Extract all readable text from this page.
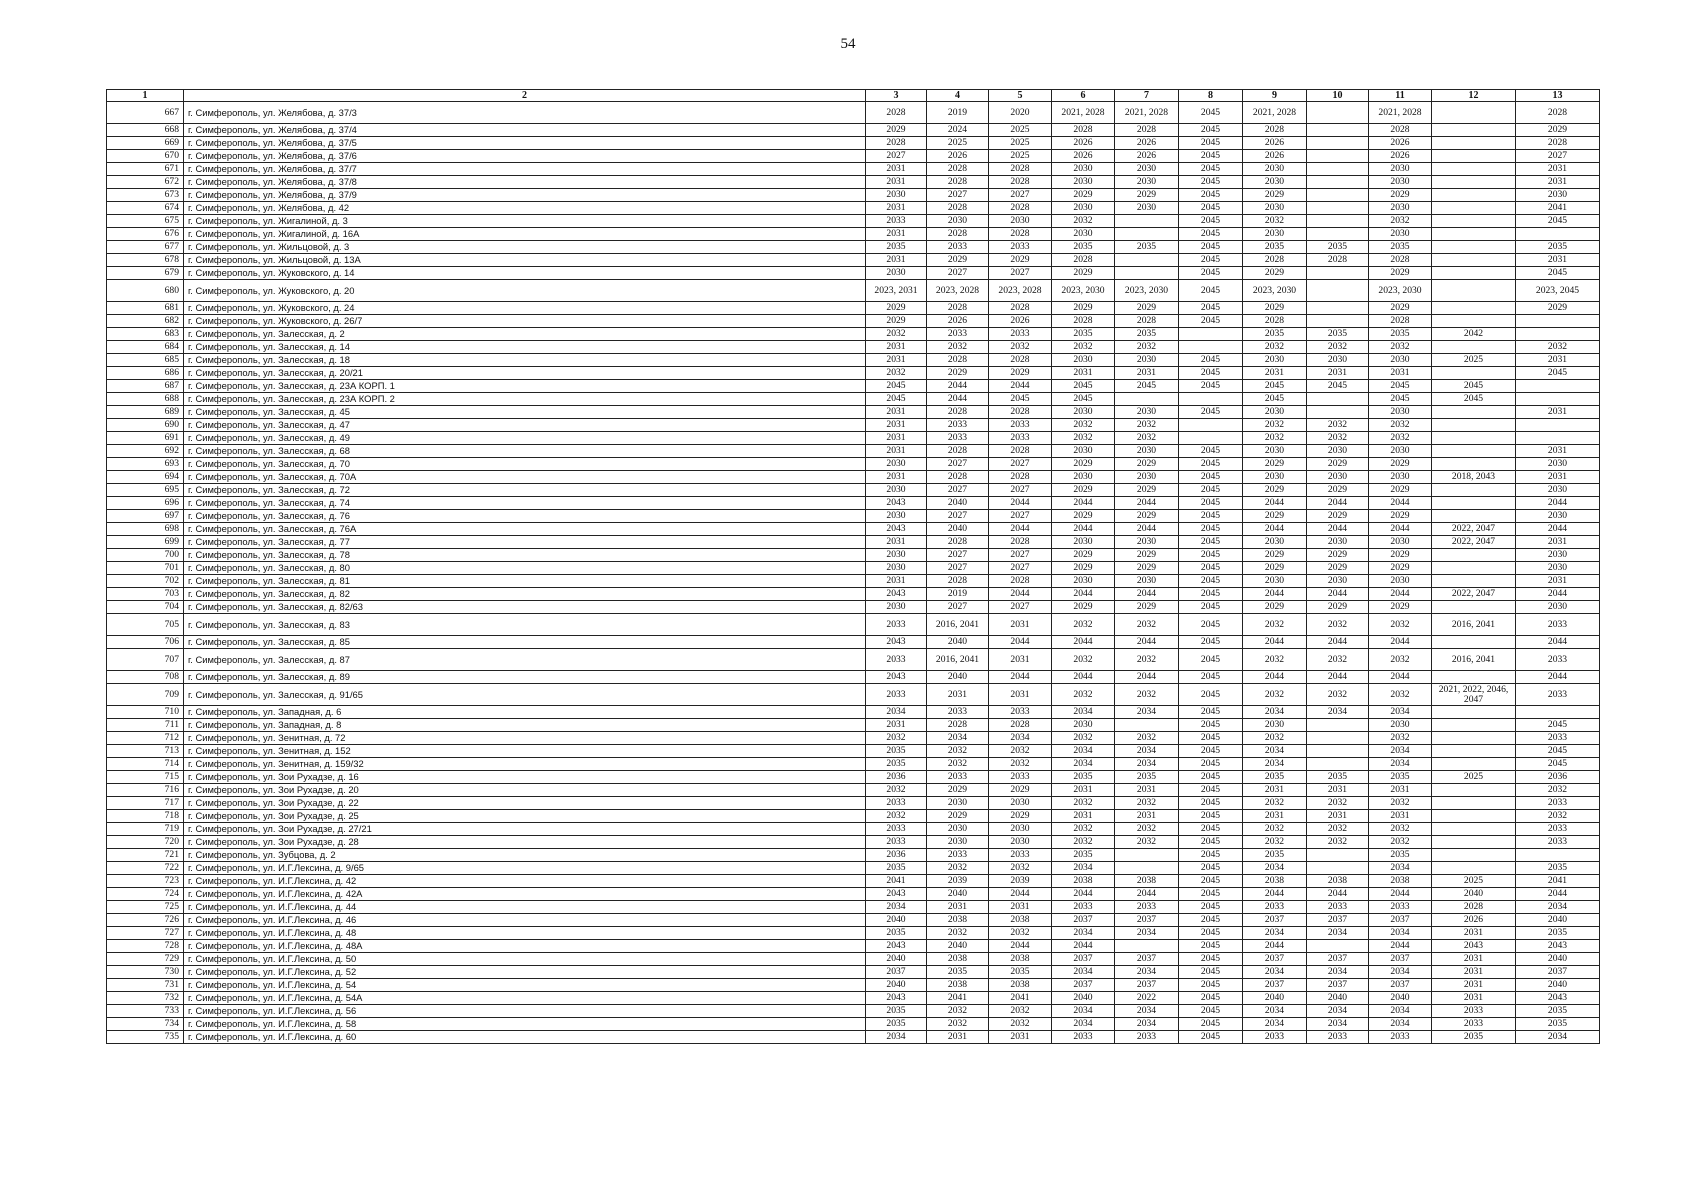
54
1	2	3	4	5	6	7	8	9	10	11	12	13
667	г. Симферополь, ул. Желябова, д. 37/3	2028	2019	2020	2021, 2028	2021, 2028	2045	2021, 2028		2021, 2028		2028
668	г. Симферополь, ул. Желябова, д. 37/4	2029	2024	2025	2028	2028	2045	2028		2028		2029
669	г. Симферополь, ул. Желябова, д. 37/5	2028	2025	2025	2026	2026	2045	2026		2026		2028
670	г. Симферополь, ул. Желябова, д. 37/6	2027	2026	2025	2026	2026	2045	2026		2026		2027
671	г. Симферополь, ул. Желябова, д. 37/7	2031	2028	2028	2030	2030	2045	2030		2030		2031
672	г. Симферополь, ул. Желябова, д. 37/8	2031	2028	2028	2030	2030	2045	2030		2030		2031
673	г. Симферополь, ул. Желябова, д. 37/9	2030	2027	2027	2029	2029	2045	2029		2029		2030
674	г. Симферополь, ул. Желябова, д. 42	2031	2028	2028	2030	2030	2045	2030		2030		2041
675	г. Симферополь, ул. Жигалиной, д. 3	2033	2030	2030	2032		2045	2032		2032		2045
676	г. Симферополь, ул. Жигалиной, д. 16А	2031	2028	2028	2030		2045	2030		2030		
677	г. Симферополь, ул. Жильцовой, д. 3	2035	2033	2033	2035	2035	2045	2035	2035	2035		2035
678	г. Симферополь, ул. Жильцовой, д. 13А	2031	2029	2029	2028		2045	2028	2028	2028		2031
679	г. Симферополь, ул. Жуковского, д. 14	2030	2027	2027	2029		2045	2029		2029		2045
680	г. Симферополь, ул. Жуковского, д. 20	2023, 2031	2023, 2028	2023, 2028	2023, 2030	2023, 2030	2045	2023, 2030		2023, 2030		2023, 2045
681	г. Симферополь, ул. Жуковского, д. 24	2029	2028	2028	2029	2029	2045	2029		2029		2029
682	г. Симферополь, ул. Жуковского, д. 26/7	2029	2026	2026	2028	2028	2045	2028		2028		
683	г. Симферополь, ул. Залесская, д. 2	2032	2033	2033	2035	2035		2035	2035	2035	2042	
684	г. Симферополь, ул. Залесская, д. 14	2031	2032	2032	2032	2032		2032	2032	2032		2032
685	г. Симферополь, ул. Залесская, д. 18	2031	2028	2028	2030	2030	2045	2030	2030	2030	2025	2031
686	г. Симферополь, ул. Залесская, д. 20/21	2032	2029	2029	2031	2031	2045	2031	2031	2031		2045
687	г. Симферополь, ул. Залесская, д. 23А КОРП. 1	2045	2044	2044	2045	2045	2045	2045	2045	2045	2045	
688	г. Симферополь, ул. Залесская, д. 23А КОРП. 2	2045	2044	2045	2045			2045		2045	2045	
689	г. Симферополь, ул. Залесская, д. 45	2031	2028	2028	2030	2030	2045	2030		2030		2031
690	г. Симферополь, ул. Залесская, д. 47	2031	2033	2033	2032	2032		2032	2032	2032		
691	г. Симферополь, ул. Залесская, д. 49	2031	2033	2033	2032	2032		2032	2032	2032		
692	г. Симферополь, ул. Залесская, д. 68	2031	2028	2028	2030	2030	2045	2030	2030	2030		2031
693	г. Симферополь, ул. Залесская, д. 70	2030	2027	2027	2029	2029	2045	2029	2029	2029		2030
694	г. Симферополь, ул. Залесская, д. 70А	2031	2028	2028	2030	2030	2045	2030	2030	2030	2018, 2043	2031
695	г. Симферополь, ул. Залесская, д. 72	2030	2027	2027	2029	2029	2045	2029	2029	2029		2030
696	г. Симферополь, ул. Залесская, д. 74	2043	2040	2044	2044	2044	2045	2044	2044	2044		2044
697	г. Симферополь, ул. Залесская, д. 76	2030	2027	2027	2029	2029	2045	2029	2029	2029		2030
698	г. Симферополь, ул. Залесская, д. 76А	2043	2040	2044	2044	2044	2045	2044	2044	2044	2022, 2047	2044
699	г. Симферополь, ул. Залесская, д. 77	2031	2028	2028	2030	2030	2045	2030	2030	2030	2022, 2047	2031
700	г. Симферополь, ул. Залесская, д. 78	2030	2027	2027	2029	2029	2045	2029	2029	2029		2030
701	г. Симферополь, ул. Залесская, д. 80	2030	2027	2027	2029	2029	2045	2029	2029	2029		2030
702	г. Симферополь, ул. Залесская, д. 81	2031	2028	2028	2030	2030	2045	2030	2030	2030		2031
703	г. Симферополь, ул. Залесская, д. 82	2043	2019	2044	2044	2044	2045	2044	2044	2044	2022, 2047	2044
704	г. Симферополь, ул. Залесская, д. 82/63	2030	2027	2027	2029	2029	2045	2029	2029	2029		2030
705	г. Симферополь, ул. Залесская, д. 83	2033	2016, 2041	2031	2032	2032	2045	2032	2032	2032	2016, 2041	2033
706	г. Симферополь, ул. Залесская, д. 85	2043	2040	2044	2044	2044	2045	2044	2044	2044		2044
707	г. Симферополь, ул. Залесская, д. 87	2033	2016, 2041	2031	2032	2032	2045	2032	2032	2032	2016, 2041	2033
708	г. Симферополь, ул. Залесская, д. 89	2043	2040	2044	2044	2044	2045	2044	2044	2044		2044
709	г. Симферополь, ул. Залесская, д. 91/65	2033	2031	2031	2032	2032	2045	2032	2032	2032	2021, 2022, 2046, 2047	2033
710	г. Симферополь, ул. Западная, д. 6	2034	2033	2033	2034	2034	2045	2034	2034	2034		
711	г. Симферополь, ул. Западная, д. 8	2031	2028	2028	2030		2045	2030		2030		2045
712	г. Симферополь, ул. Зенитная, д. 72	2032	2034	2034	2032	2032	2045	2032		2032		2033
713	г. Симферополь, ул. Зенитная, д. 152	2035	2032	2032	2034	2034	2045	2034		2034		2045
714	г. Симферополь, ул. Зенитная, д. 159/32	2035	2032	2032	2034	2034	2045	2034		2034		2045
715	г. Симферополь, ул. Зои Рухадзе, д. 16	2036	2033	2033	2035	2035	2045	2035	2035	2035	2025	2036
716	г. Симферополь, ул. Зои Рухадзе, д. 20	2032	2029	2029	2031	2031	2045	2031	2031	2031		2032
717	г. Симферополь, ул. Зои Рухадзе, д. 22	2033	2030	2030	2032	2032	2045	2032	2032	2032		2033
718	г. Симферополь, ул. Зои Рухадзе, д. 25	2032	2029	2029	2031	2031	2045	2031	2031	2031		2032
719	г. Симферополь, ул. Зои Рухадзе, д. 27/21	2033	2030	2030	2032	2032	2045	2032	2032	2032		2033
720	г. Симферополь, ул. Зои Рухадзе, д. 28	2033	2030	2030	2032	2032	2045	2032	2032	2032		2033
721	г. Симферополь, ул. Зубцова, д. 2	2036	2033	2033	2035		2045	2035		2035		
722	г. Симферополь, ул. И.Г.Лексина, д. 9/65	2035	2032	2032	2034		2045	2034		2034		2035
723	г. Симферополь, ул. И.Г.Лексина, д. 42	2041	2039	2039	2038	2038	2045	2038	2038	2038	2025	2041
724	г. Симферополь, ул. И.Г.Лексина, д. 42А	2043	2040	2044	2044	2044	2045	2044	2044	2044	2040	2044
725	г. Симферополь, ул. И.Г.Лексина, д. 44	2034	2031	2031	2033	2033	2045	2033	2033	2033	2028	2034
726	г. Симферополь, ул. И.Г.Лексина, д. 46	2040	2038	2038	2037	2037	2045	2037	2037	2037	2026	2040
727	г. Симферополь, ул. И.Г.Лексина, д. 48	2035	2032	2032	2034	2034	2045	2034	2034	2034	2031	2035
728	г. Симферополь, ул. И.Г.Лексина, д. 48А	2043	2040	2044	2044		2045	2044		2044	2043	2043
729	г. Симферополь, ул. И.Г.Лексина, д. 50	2040	2038	2038	2037	2037	2045	2037	2037	2037	2031	2040
730	г. Симферополь, ул. И.Г.Лексина, д. 52	2037	2035	2035	2034	2034	2045	2034	2034	2034	2031	2037
731	г. Симферополь, ул. И.Г.Лексина, д. 54	2040	2038	2038	2037	2037	2045	2037	2037	2037	2031	2040
732	г. Симферополь, ул. И.Г.Лексина, д. 54А	2043	2041	2041	2040	2022	2045	2040	2040	2040	2031	2043
733	г. Симферополь, ул. И.Г.Лексина, д. 56	2035	2032	2032	2034	2034	2045	2034	2034	2034	2033	2035
734	г. Симферополь, ул. И.Г.Лексина, д. 58	2035	2032	2032	2034	2034	2045	2034	2034	2034	2033	2035
735	г. Симферополь, ул. И.Г.Лексина, д. 60	2034	2031	2031	2033	2033	2045	2033	2033	2033	2035	2034
